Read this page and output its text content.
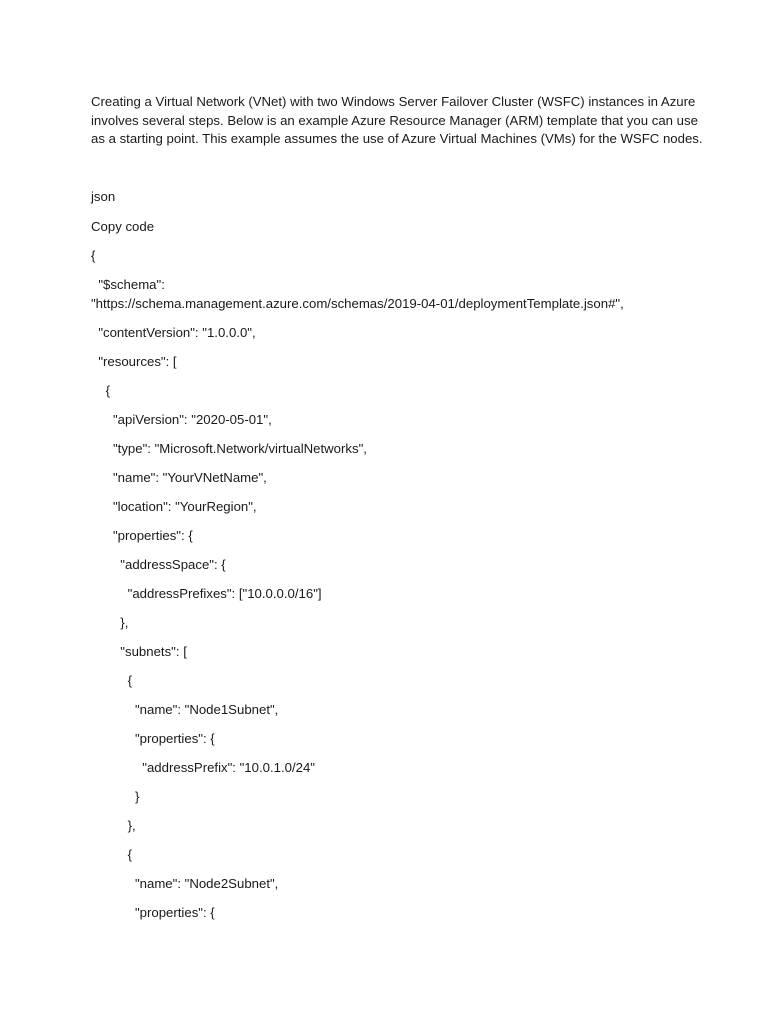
Creating a Virtual Network (VNet) with two Windows Server Failover Cluster (WSFC) instances in Azure
involves several steps. Below is an example Azure Resource Manager (ARM) template that you can use
as a starting point. This example assumes the use of Azure Virtual Machines (VMs) for the WSFC nodes.
json
Copy code
{
"$schema":
"https://schema.management.azure.com/schemas/2019-04-01/deploymentTemplate.json#",
"contentVersion": "1.0.0.0",
"resources": [
{
"apiVersion": "2020-05-01",
"type": "Microsoft.Network/virtualNetworks",
"name": "YourVNetName",
"location": "YourRegion",
"properties": {
"addressSpace": {
"addressPrefixes": ["10.0.0.0/16"]
},
"subnets": [
{
"name": "Node1Subnet",
"properties": {
"addressPrefix": "10.0.1.0/24"
}
},
{
"name": "Node2Subnet",
"properties": {
